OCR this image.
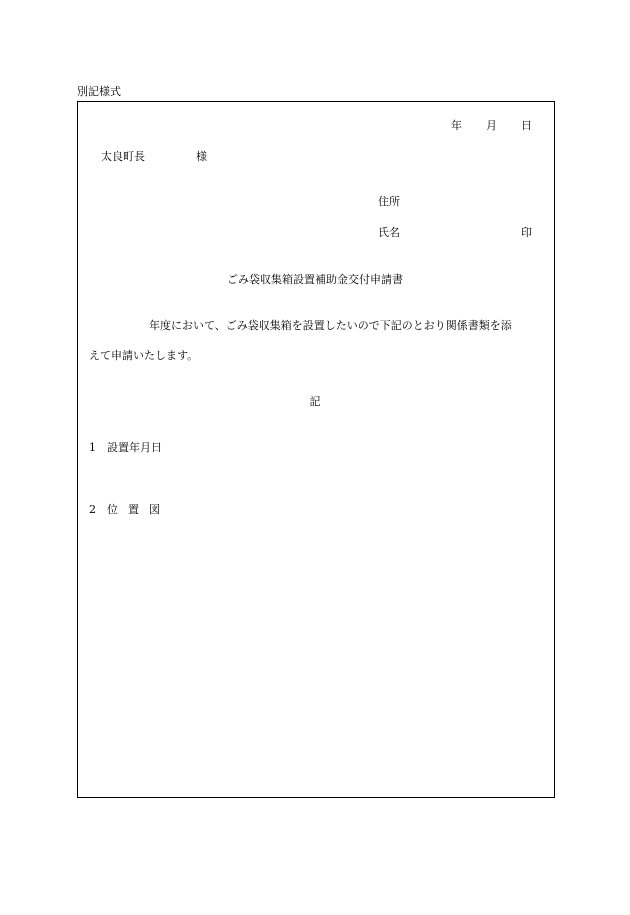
別記様式
年 月 日
太良町長	様
住所
氏名	印
ごみ袋収集箱設置補助金交付申請書
年度において、ごみ袋収集箱を設置したいので下記のとおり関係書類を添
えて申請いたします。
記
1 設置年月日
2 位置図
